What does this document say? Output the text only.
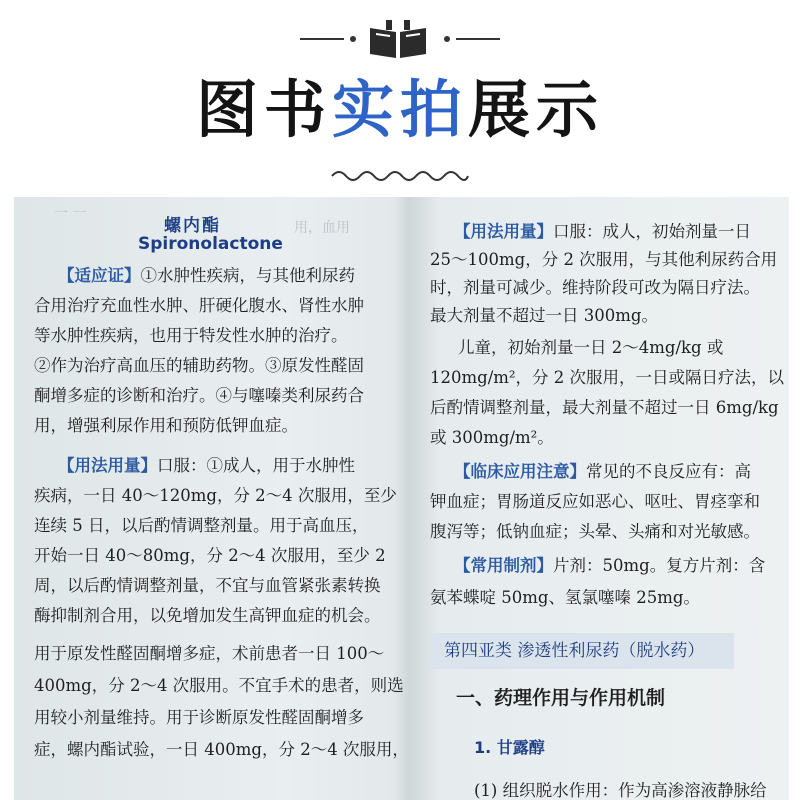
图书实拍展示
一 一
用，血用
螺内酯
Spironolactone
【适应证】①水肿性疾病，与其他利尿药
合用治疗充血性水肿、肝硬化腹水、肾性水肿
等水肿性疾病，也用于特发性水肿的治疗。
②作为治疗高血压的辅助药物。③原发性醛固
酮增多症的诊断和治疗。④与噻嗪类利尿药合
用，增强利尿作用和预防低钾血症。
【用法用量】口服：①成人，用于水肿性
疾病，一日 40～120mg，分 2～4 次服用，至少
连续 5 日，以后酌情调整剂量。用于高血压，
开始一日 40～80mg，分 2～4 次服用，至少 2
周，以后酌情调整剂量，不宜与血管紧张素转换
酶抑制剂合用，以免增加发生高钾血症的机会。
用于原发性醛固酮增多症，术前患者一日 100～
400mg，分 2～4 次服用。不宜手术的患者，则选
用较小剂量维持。用于诊断原发性醛固酮增多
症，螺内酯试验，一日 400mg，分 2～4 次服用，
【用法用量】口服：成人，初始剂量一日
25～100mg，分 2 次服用，与其他利尿药合用
时，剂量可减少。维持阶段可改为隔日疗法。
最大剂量不超过一日 300mg。
儿童，初始剂量一日 2～4mg/kg 或
120mg/m²，分 2 次服用，一日或隔日疗法，以
后酌情调整剂量，最大剂量不超过一日 6mg/kg
或 300mg/m²。
【临床应用注意】常见的不良反应有：高
钾血症；胃肠道反应如恶心、呕吐、胃痉挛和
腹泻等；低钠血症；头晕、头痛和对光敏感。
【常用制剂】片剂：50mg。复方片剂：含
氨苯蝶啶 50mg、氢氯噻嗪 25mg。
第四亚类 渗透性利尿药（脱水药）
一、药理作用与作用机制
1. 甘露醇
(1) 组织脱水作用：作为高渗溶液静脉给
